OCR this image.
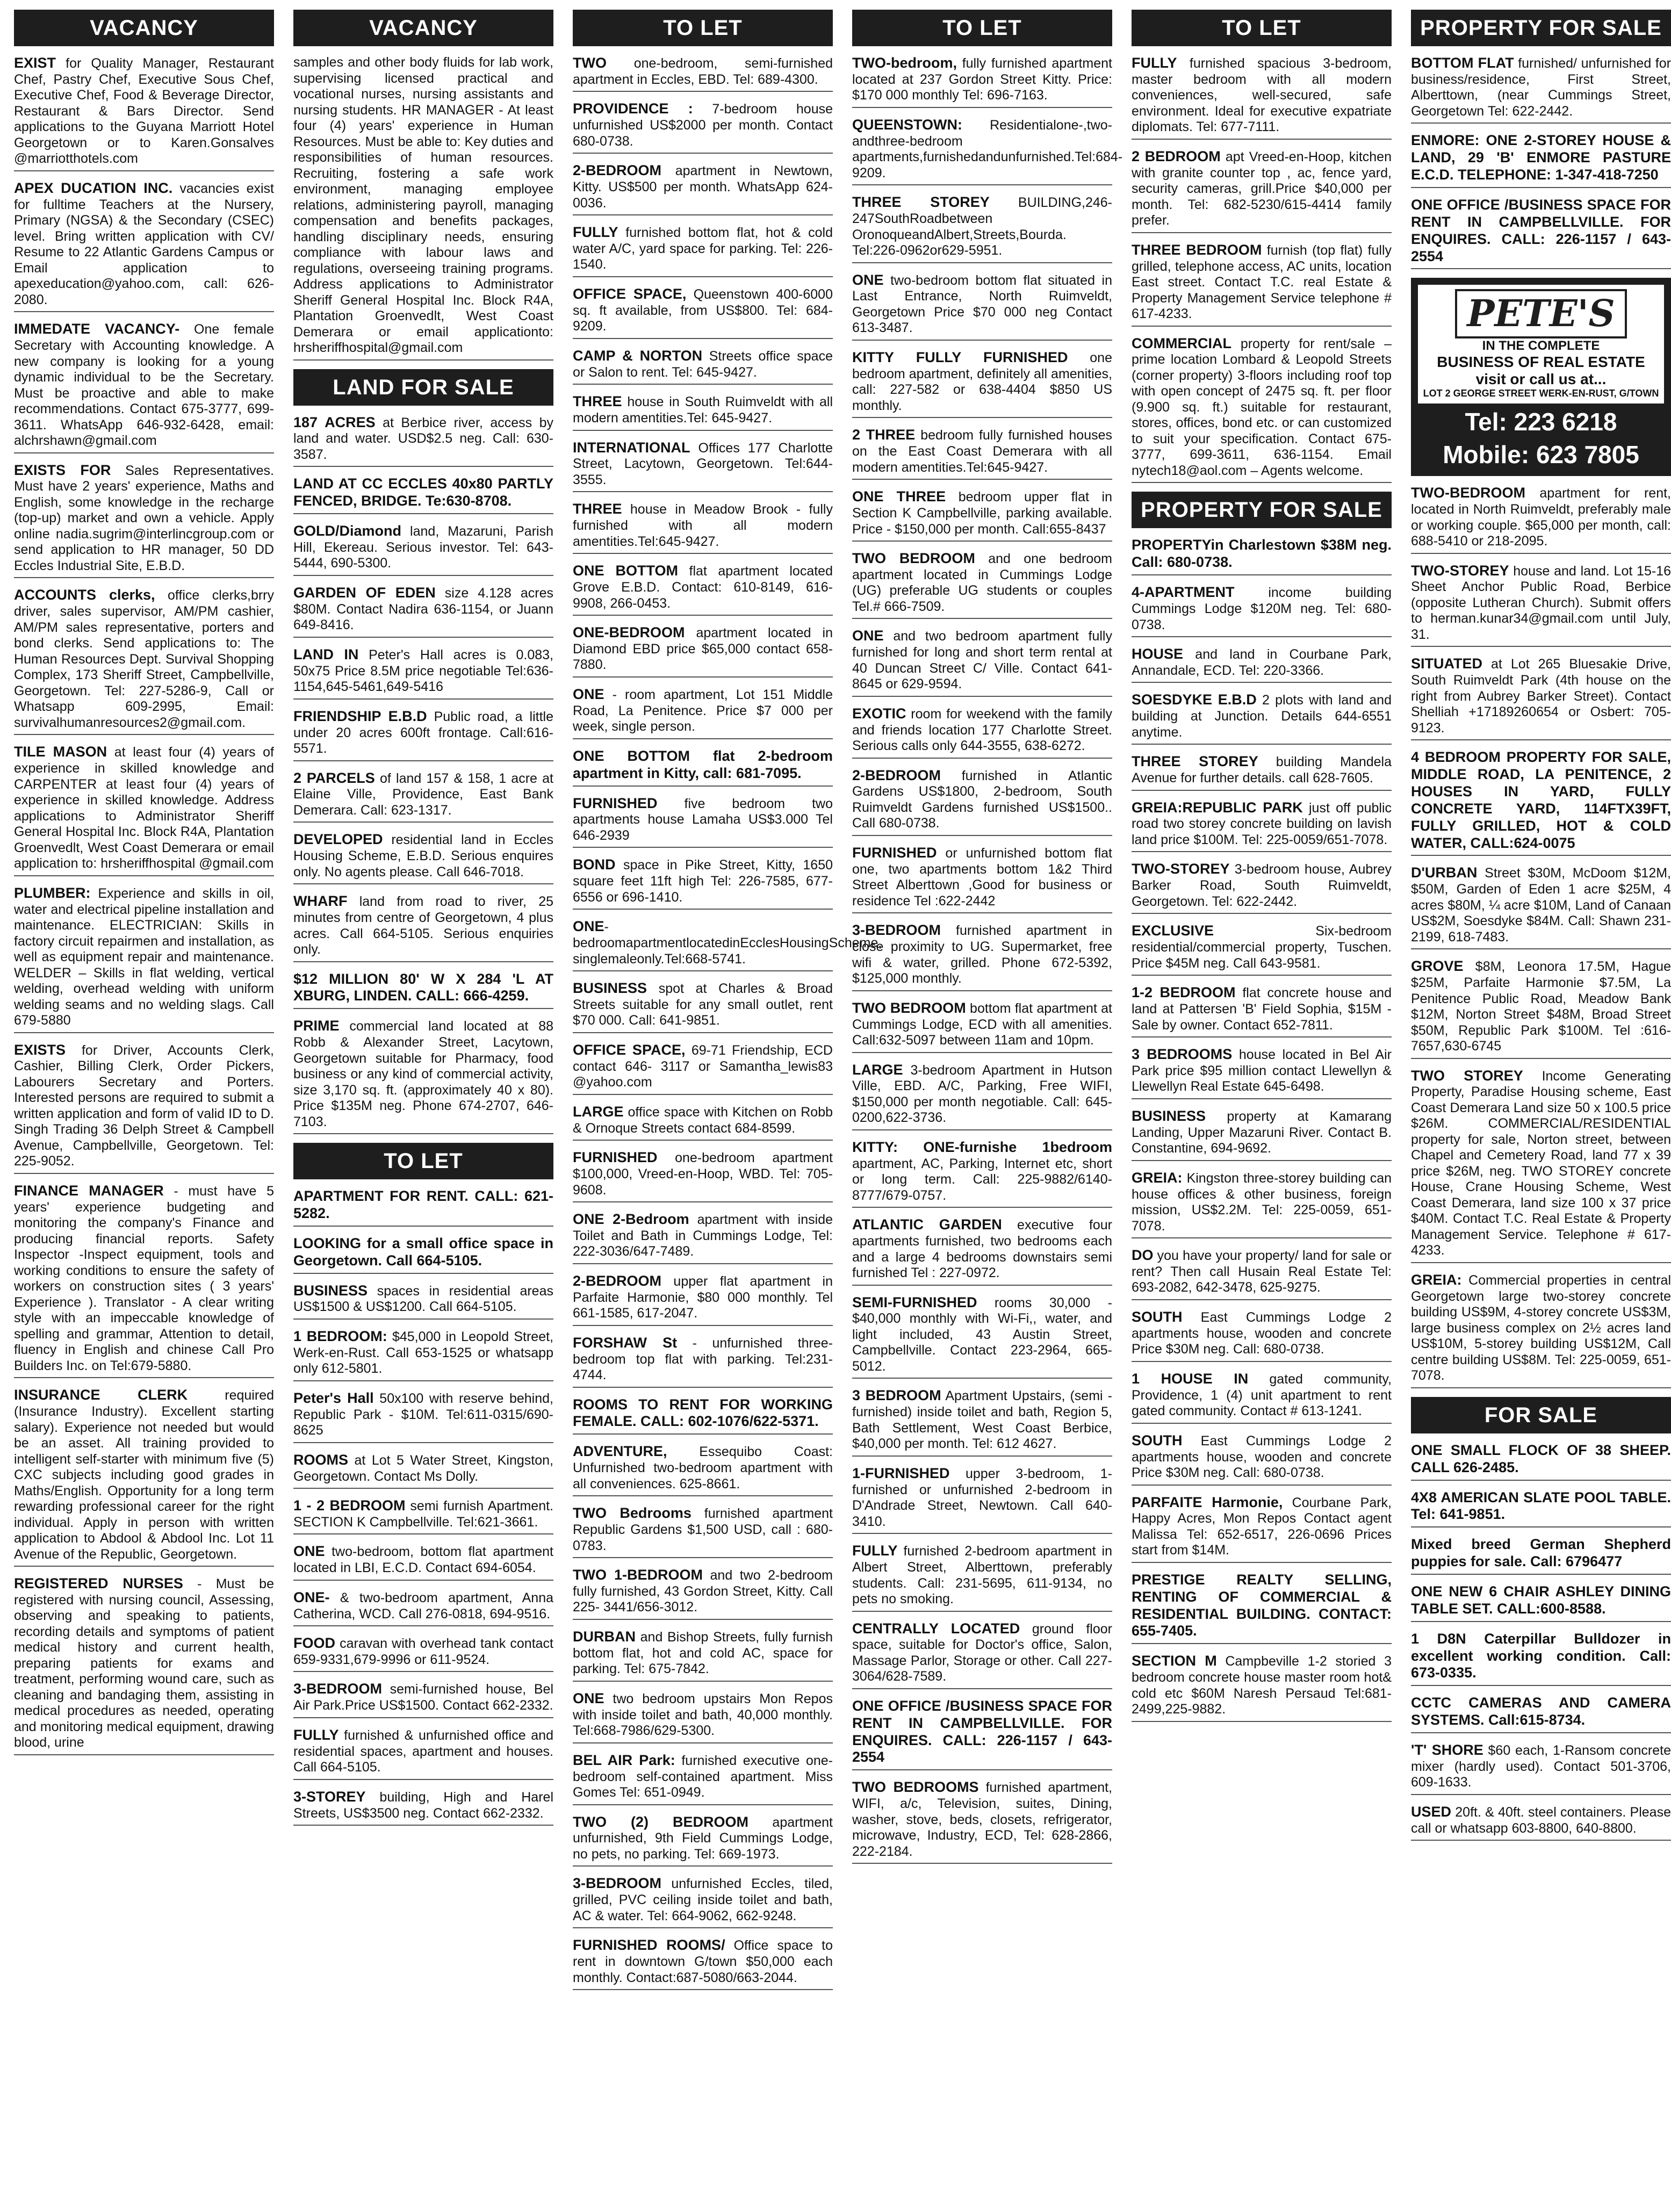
VACANCY
EXIST for Quality Manager, Restaurant Chef, Pastry Chef, Executive Sous Chef, Executive Chef, Food & Beverage Director, Restaurant & Bars Director. Send applications to the Guyana Marriott Hotel Georgetown or to Karen.Gonsalves @marriotthotels.com
APEX DUCATION INC. vacancies exist for fulltime Teachers at the Nursery, Primary (NGSA) & the Secondary (CSEC) level. Bring written application with CV/ Resume to 22 Atlantic Gardens Campus or Email application to apexeducation@yahoo.com, call: 626-2080.
IMMEDATE VACANCY- One female Secretary with Accounting knowledge. A new company is looking for a young dynamic individual to be the Secretary. Must be proactive and able to make recommendations. Contact 675-3777, 699-3611. WhatsApp 646-932-6428, email: alchrshawn@gmail.com
EXISTS FOR Sales Representatives. Must have 2 years' experience, Maths and English, some knowledge in the recharge (top-up) market and own a vehicle. Apply online nadia.sugrim@interlincgroup.com or send application to HR manager, 50 DD Eccles Industrial Site, E.B.D.
ACCOUNTS clerks, office clerks,brry driver, sales supervisor, AM/PM cashier, AM/PM sales representative, porters and bond clerks. Send applications to: The Human Resources Dept. Survival Shopping Complex, 173 Sheriff Street, Campbellville, Georgetown. Tel: 227-5286-9, Call or Whatsapp 609-2995, Email: survivalhumanresources2@gmail.com.
TILE MASON at least four (4) years of experience in skilled knowledge and CARPENTER at least four (4) years of experience in skilled knowledge. Address applications to Administrator Sheriff General Hospital Inc. Block R4A, Plantation Groenvedlt, West Coast Demerara or email application to: hrsheriffhospital @gmail.com
PLUMBER: Experience and skills in oil, water and electrical pipeline installation and maintenance. ELECTRICIAN: Skills in factory circuit repairmen and installation, as well as equipment repair and maintenance. WELDER – Skills in flat welding, vertical welding, overhead welding with uniform welding seams and no welding slags. Call 679-5880
EXISTS for Driver, Accounts Clerk, Cashier, Billing Clerk, Order Pickers, Labourers Secretary and Porters. Interested persons are required to submit a written application and form of valid ID to D. Singh Trading 36 Delph Street & Campbell Avenue, Campbellville, Georgetown. Tel: 225-9052.
FINANCE MANAGER - must have 5 years' experience budgeting and monitoring the company's Finance and producing financial reports. Safety Inspector -Inspect equipment, tools and working conditions to ensure the safety of workers on construction sites ( 3 years' Experience ). Translator - A clear writing style with an impeccable knowledge of spelling and grammar, Attention to detail, fluency in English and chinese Call Pro Builders Inc. on Tel:679-5880.
INSURANCE CLERK required (Insurance Industry). Excellent starting salary). Experience not needed but would be an asset. All training provided to intelligent self-starter with minimum five (5) CXC subjects including good grades in Maths/English. Opportunity for a long term rewarding professional career for the right individual. Apply in person with written application to Abdool & Abdool Inc. Lot 11 Avenue of the Republic, Georgetown.
REGISTERED NURSES - Must be registered with nursing council, Assessing, observing and speaking to patients, recording details and symptoms of patient medical history and current health, preparing patients for exams and treatment, performing wound care, such as cleaning and bandaging them, assisting in medical procedures as needed, operating and monitoring medical equipment, drawing blood, urine
VACANCY
samples and other body fluids for lab work, supervising licensed practical and vocational nurses, nursing assistants and nursing students. HR MANAGER - At least four (4) years' experience in Human Resources. Must be able to: Key duties and responsibilities of human resources. Recruiting, fostering a safe work environment, managing employee relations, administering payroll, managing compensation and benefits packages, handling disciplinary needs, ensuring compliance with labour laws and regulations, overseeing training programs. Address applications to Administrator Sheriff General Hospital Inc. Block R4A, Plantation Groenvedlt, West Coast Demerara or email applicationto: hrsheriffhospital@gmail.com
LAND FOR SALE
187 ACRES at Berbice river, access by land and water. USD$2.5 neg. Call: 630-3587.
LAND AT CC ECCLES 40x80 PARTLY FENCED, BRIDGE. Te:630-8708.
GOLD/Diamond land, Mazaruni, Parish Hill, Ekereau. Serious investor. Tel: 643-5444, 690-5300.
GARDEN OF EDEN size 4.128 acres $80M. Contact Nadira 636-1154, or Juann 649-8416.
LAND IN Peter's Hall acres is 0.083, 50x75 Price 8.5M price negotiable Tel:636-1154,645-5461,649-5416
FRIENDSHIP E.B.D Public road, a little under 20 acres 600ft frontage. Call:616-5571.
2 PARCELS of land 157 & 158, 1 acre at Elaine Ville, Providence, East Bank Demerara. Call: 623-1317.
DEVELOPED residential land in Eccles Housing Scheme, E.B.D. Serious enquires only. No agents please. Call 646-7018.
WHARF land from road to river, 25 minutes from centre of Georgetown, 4 plus acres. Call 664-5105. Serious enquiries only.
$12 MILLION 80' W X 284 'L AT XBURG, LINDEN. CALL: 666-4259.
PRIME commercial land located at 88 Robb & Alexander Street, Lacytown, Georgetown suitable for Pharmacy, food business or any kind of commercial activity, size 3,170 sq. ft. (approximately 40 x 80). Price $135M neg. Phone 674-2707, 646-7103.
TO LET
APARTMENT FOR RENT. CALL: 621-5282.
LOOKING for a small office space in Georgetown. Call 664-5105.
BUSINESS spaces in residential areas US$1500 & US$1200. Call 664-5105.
1 BEDROOM: $45,000 in Leopold Street, Werk-en-Rust. Call 653-1525 or whatsapp only 612-5801.
Peter's Hall 50x100 with reserve behind, Republic Park - $10M. Tel:611-0315/690-8625
ROOMS at Lot 5 Water Street, Kingston, Georgetown. Contact Ms Dolly.
1 - 2 BEDROOM semi furnish Apartment. SECTION K Campbellville. Tel:621-3661.
ONE two-bedroom, bottom flat apartment located in LBI, E.C.D. Contact 694-6054.
ONE- & two-bedroom apartment, Anna Catherina, WCD. Call 276-0818, 694-9516.
FOOD caravan with overhead tank contact 659-9331,679-9996 or 611-9524.
3-BEDROOM semi-furnished house, Bel Air Park.Price US$1500. Contact 662-2332.
FULLY furnished & unfurnished office and residential spaces, apartment and houses. Call 664-5105.
3-STOREY building, High and Harel Streets, US$3500 neg. Contact 662-2332.
TO LET
TWO one-bedroom, semi-furnished apartment in Eccles, EBD. Tel: 689-4300.
PROVIDENCE : 7-bedroom house unfurnished US$2000 per month. Contact 680-0738.
2-BEDROOM apartment in Newtown, Kitty. US$500 per month. WhatsApp 624-0036.
FULLY furnished bottom flat, hot & cold water A/C, yard space for parking. Tel: 226-1540.
OFFICE SPACE, Queenstown 400-6000 sq. ft available, from US$800. Tel: 684-9209.
CAMP & NORTON Streets office space or Salon to rent. Tel: 645-9427.
THREE house in South Ruimveldt with all modern amentities.Tel: 645-9427.
INTERNATIONAL Offices 177 Charlotte Street, Lacytown, Georgetown. Tel:644-3555.
THREE house in Meadow Brook - fully furnished with all modern amentities.Tel:645-9427.
ONE BOTTOM flat apartment located Grove E.B.D. Contact: 610-8149, 616-9908, 266-0453.
ONE-BEDROOM apartment located in Diamond EBD price $65,000 contact 658-7880.
ONE - room apartment, Lot 151 Middle Road, La Penitence. Price $7 000 per week, single person.
ONE BOTTOM flat 2-bedroom apartment in Kitty, call: 681-7095.
FURNISHED five bedroom two apartments house Lamaha US$3.000 Tel 646-2939
BOND space in Pike Street, Kitty, 1650 square feet 11ft high Tel: 226-7585, 677-6556 or 696-1410.
ONE-bedroomapartmentlocatedinEcclesHousingScheme, singlemaleonly.Tel:668-5741.
BUSINESS spot at Charles & Broad Streets suitable for any small outlet, rent $70 000. Call: 641-9851.
OFFICE SPACE, 69-71 Friendship, ECD contact 646- 3117 or Samantha_lewis83 @yahoo.com
LARGE office space with Kitchen on Robb & Ornoque Streets contact 684-8599.
FURNISHED one-bedroom apartment $100,000, Vreed-en-Hoop, WBD. Tel: 705-9608.
ONE 2-Bedroom apartment with inside Toilet and Bath in Cummings Lodge, Tel: 222-3036/647-7489.
2-BEDROOM upper flat apartment in Parfaite Harmonie, $80 000 monthly. Tel 661-1585, 617-2047.
FORSHAW St - unfurnished three-bedroom top flat with parking. Tel:231-4744.
ROOMS TO RENT FOR WORKING FEMALE. CALL: 602-1076/622-5371.
ADVENTURE, Essequibo Coast: Unfurnished two-bedroom apartment with all conveniences. 625-8661.
TWO Bedrooms furnished apartment Republic Gardens $1,500 USD, call : 680-0783.
TWO 1-BEDROOM and two 2-bedroom fully furnished, 43 Gordon Street, Kitty. Call 225- 3441/656-3012.
DURBAN and Bishop Streets, fully furnish bottom flat, hot and cold AC, space for parking. Tel: 675-7842.
ONE two bedroom upstairs Mon Repos with inside toilet and bath, 40,000 monthly. Tel:668-7986/629-5300.
BEL AIR Park: furnished executive one-bedroom self-contained apartment. Miss Gomes Tel: 651-0949.
TWO (2) BEDROOM apartment unfurnished, 9th Field Cummings Lodge, no pets, no parking. Tel: 669-1973.
3-BEDROOM unfurnished Eccles, tiled, grilled, PVC ceiling inside toilet and bath, AC & water. Tel: 664-9062, 662-9248.
FURNISHED ROOMS/ Office space to rent in downtown G/town $50,000 each monthly. Contact:687-5080/663-2044.
TO LET
TWO-bedroom, fully furnished apartment located at 237 Gordon Street Kitty. Price: $170 000 monthly Tel: 696-7163.
QUEENSTOWN: Residentialone-,two-andthree-bedroom apartments,furnishedandunfurnished.Tel:684-9209.
THREE STOREY BUILDING,246-247SouthRoadbetween OronoqueandAlbert,Streets,Bourda. Tel:226-0962or629-5951.
ONE two-bedroom bottom flat situated in Last Entrance, North Ruimveldt, Georgetown Price $70 000 neg Contact 613-3487.
KITTY FULLY FURNISHED one bedroom apartment, definitely all amenities, call: 227-582 or 638-4404 $850 US monthly.
2 THREE bedroom fully furnished houses on the East Coast Demerara with all modern amentities.Tel:645-9427.
ONE THREE bedroom upper flat in Section K Campbellville, parking available. Price - $150,000 per month. Call:655-8437
TWO BEDROOM and one bedroom apartment located in Cummings Lodge (UG) preferable UG students or couples Tel.# 666-7509.
ONE and two bedroom apartment fully furnished for long and short term rental at 40 Duncan Street C/ Ville. Contact 641-8645 or 629-9594.
EXOTIC room for weekend with the family and friends location 177 Charlotte Street. Serious calls only 644-3555, 638-6272.
2-BEDROOM furnished in Atlantic Gardens US$1800, 2-bedroom, South Ruimveldt Gardens furnished US$1500.. Call 680-0738.
FURNISHED or unfurnished bottom flat one, two apartments bottom 1&2 Third Street Alberttown ,Good for business or residence Tel :622-2442
3-BEDROOM furnished apartment in close proximity to UG. Supermarket, free wifi & water, grilled. Phone 672-5392, $125,000 monthly.
TWO BEDROOM bottom flat apartment at Cummings Lodge, ECD with all amenities. Call:632-5097 between 11am and 10pm.
LARGE 3-bedroom Apartment in Hutson Ville, EBD. A/C, Parking, Free WIFI, $150,000 per month negotiable. Call: 645-0200,622-3736.
KITTY: ONE-furnishe 1bedroom apartment, AC, Parking, Internet etc, short or long term. Call: 225-9882/6140-8777/679-0757.
ATLANTIC GARDEN executive four apartments furnished, two bedrooms each and a large 4 bedrooms downstairs semi furnished Tel : 227-0972.
SEMI-FURNISHED rooms 30,000 - $40,000 monthly with Wi-Fi,, water, and light included, 43 Austin Street, Campbellville. Contact 223-2964, 665-5012.
3 BEDROOM Apartment Upstairs, (semi - furnished) inside toilet and bath, Region 5, Bath Settlement, West Coast Berbice, $40,000 per month. Tel: 612 4627.
1-FURNISHED upper 3-bedroom, 1-furnished or unfurnished 2-bedroom in D'Andrade Street, Newtown. Call 640-3410.
FULLY furnished 2-bedroom apartment in Albert Street, Alberttown, preferably students. Call: 231-5695, 611-9134, no pets no smoking.
CENTRALLY LOCATED ground floor space, suitable for Doctor's office, Salon, Massage Parlor, Storage or other. Call 227-3064/628-7589.
ONE OFFICE /BUSINESS SPACE FOR RENT IN CAMPBELLVILLE. FOR ENQUIRES. CALL: 226-1157 / 643-2554
TWO BEDROOMS furnished apartment, WIFI, a/c, Television, suites, Dining, washer, stove, beds, closets, refrigerator, microwave, Industry, ECD, Tel: 628-2866, 222-2184.
TO LET
FULLY furnished spacious 3-bedroom, master bedroom with all modern conveniences, well-secured, safe environment. Ideal for executive expatriate diplomats. Tel: 677-7111.
2 BEDROOM apt Vreed-en-Hoop, kitchen with granite counter top , ac, fence yard, security cameras, grill.Price $40,000 per month. Tel: 682-5230/615-4414 family prefer.
THREE BEDROOM furnish (top flat) fully grilled, telephone access, AC units, location East street. Contact T.C. real Estate & Property Management Service telephone # 617-4233.
COMMERCIAL property for rent/sale – prime location Lombard & Leopold Streets (corner property) 3-floors including roof top with open concept of 2475 sq. ft. per floor (9.900 sq. ft.) suitable for restaurant, stores, offices, bond etc. or can customized to suit your specification. Contact 675-3777, 699-3611, 636-1154. Email nytech18@aol.com – Agents welcome.
PROPERTY FOR SALE
PROPERTYin Charlestown $38M neg. Call: 680-0738.
4-APARTMENT income building Cummings Lodge $120M neg. Tel: 680-0738.
HOUSE and land in Courbane Park, Annandale, ECD. Tel: 220-3366.
SOESDYKE E.B.D 2 plots with land and building at Junction. Details 644-6551 anytime.
THREE STOREY building Mandela Avenue for further details. call 628-7605.
GREIA:REPUBLIC PARK just off public road two storey concrete building on lavish land price $100M. Tel: 225-0059/651-7078.
TWO-STOREY 3-bedroom house, Aubrey Barker Road, South Ruimveldt, Georgetown. Tel: 622-2442.
EXCLUSIVE Six-bedroom residential/commercial property, Tuschen. Price $45M neg. Call 643-9581.
1-2 BEDROOM flat concrete house and land at Pattersen 'B' Field Sophia, $15M - Sale by owner. Contact 652-7811.
3 BEDROOMS house located in Bel Air Park price $95 million contact Llewellyn & Llewellyn Real Estate 645-6498.
BUSINESS property at Kamarang Landing, Upper Mazaruni River. Contact B. Constantine, 694-9692.
GREIA: Kingston three-storey building can house offices & other business, foreign mission, US$2.2M. Tel: 225-0059, 651-7078.
DO you have your property/ land for sale or rent? Then call Husain Real Estate Tel: 693-2082, 642-3478, 625-9275.
SOUTH East Cummings Lodge 2 apartments house, wooden and concrete Price $30M neg. Call: 680-0738.
1 HOUSE IN gated community, Providence, 1 (4) unit apartment to rent gated community. Contact # 613-1241.
SOUTH East Cummings Lodge 2 apartments house, wooden and concrete Price $30M neg. Call: 680-0738.
PARFAITE Harmonie, Courbane Park, Happy Acres, Mon Repos Contact agent Malissa Tel: 652-6517, 226-0696 Prices start from $14M.
PRESTIGE REALTY SELLING, RENTING OF COMMERCIAL & RESIDENTIAL BUILDING. CONTACT: 655-7405.
SECTION M Campbeville 1-2 storied 3 bedroom concrete house master room hot& cold etc $60M Naresh Persaud Tel:681-2499,225-9882.
PROPERTY FOR SALE
BOTTOM FLAT furnished/ unfurnished for business/residence, First Street, Alberttown, (near Cummings Street, Georgetown Tel: 622-2442.
ENMORE: ONE 2-STOREY HOUSE & LAND, 29 'B' ENMORE PASTURE E.C.D. TELEPHONE: 1-347-418-7250
ONE OFFICE /BUSINESS SPACE FOR RENT IN CAMPBELLVILLE. FOR ENQUIRES. CALL: 226-1157 / 643-2554
PETE'S
IN THE COMPLETE
BUSINESS OF REAL ESTATE
visit or call us at...
LOT 2 GEORGE STREET WERK-EN-RUST, G/TOWN
Tel: 223 6218
Mobile: 623 7805
TWO-BEDROOM apartment for rent, located in North Ruimveldt, preferably male or working couple. $65,000 per month, call: 688-5410 or 218-2095.
TWO-STOREY house and land. Lot 15-16 Sheet Anchor Public Road, Berbice (opposite Lutheran Church). Submit offers to herman.kunar34@gmail.com until July, 31.
SITUATED at Lot 265 Bluesakie Drive, South Ruimveldt Park (4th house on the right from Aubrey Barker Street). Contact Shelliah +17189260654 or Osbert: 705-9123.
4 BEDROOM PROPERTY FOR SALE, MIDDLE ROAD, LA PENITENCE, 2 HOUSES IN YARD, FULLY CONCRETE YARD, 114FTX39FT, FULLY GRILLED, HOT & COLD WATER, CALL:624-0075
D'URBAN Street $30M, McDoom $12M, $50M, Garden of Eden 1 acre $25M, 4 acres $80M, ¼ acre $10M, Land of Canaan US$2M, Soesdyke $84M. Call: Shawn 231-2199, 618-7483.
GROVE $8M, Leonora 17.5M, Hague $25M, Parfaite Harmonie $7.5M, La Penitence Public Road, Meadow Bank $12M, Norton Street $48M, Broad Street $50M, Republic Park $100M. Tel :616-7657,630-6745
TWO STOREY Income Generating Property, Paradise Housing scheme, East Coast Demerara Land size 50 x 100.5 price $26M. COMMERCIAL/RESIDENTIAL property for sale, Norton street, between Chapel and Cemetery Road, land 77 x 39 price $26M, neg. TWO STOREY concrete House, Crane Housing Scheme, West Coast Demerara, land size 100 x 37 price $40M. Contact T.C. Real Estate & Property Management Service. Telephone # 617-4233.
GREIA: Commercial properties in central Georgetown large two-storey concrete building US$9M, 4-storey concrete US$3M, large business complex on 2½ acres land US$10M, 5-storey building US$12M, Call centre building US$8M. Tel: 225-0059, 651-7078.
FOR SALE
ONE SMALL FLOCK OF 38 SHEEP. CALL 626-2485.
4X8 AMERICAN SLATE POOL TABLE. Tel: 641-9851.
Mixed breed German Shepherd puppies for sale. Call: 6796477
ONE NEW 6 CHAIR ASHLEY DINING TABLE SET. CALL:600-8588.
1 D8N Caterpillar Bulldozer in excellent working condition. Call: 673-0335.
CCTC CAMERAS AND CAMERA SYSTEMS. Call:615-8734.
'T' SHORE $60 each, 1-Ransom concrete mixer (hardly used). Contact 501-3706, 609-1633.
USED 20ft. & 40ft. steel containers. Please call or whatsapp 603-8800, 640-8800.
